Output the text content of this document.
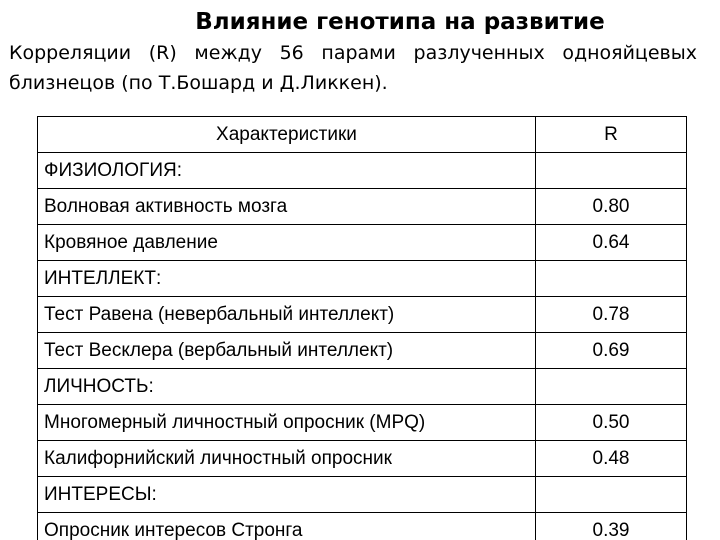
Влияние генотипа на развитие

Корреляции (R) между 56 парами разлученных однояйцевых близнецов (по Т.Бошард и Д.Ликкен).

Характеристики	R
ФИЗИОЛОГИЯ:	
Волновая активность мозга	0.80
Кровяное давление	0.64
ИНТЕЛЛЕКТ:	
Тест Равена (невербальный интеллект)	0.78
Тест Весклера (вербальный интеллект)	0.69
ЛИЧНОСТЬ:	
Многомерный личностный опросник (MPQ)	0.50
Калифорнийский личностный опросник	0.48
ИНТЕРЕСЫ:	
Опросник интересов Стронга	0.39
